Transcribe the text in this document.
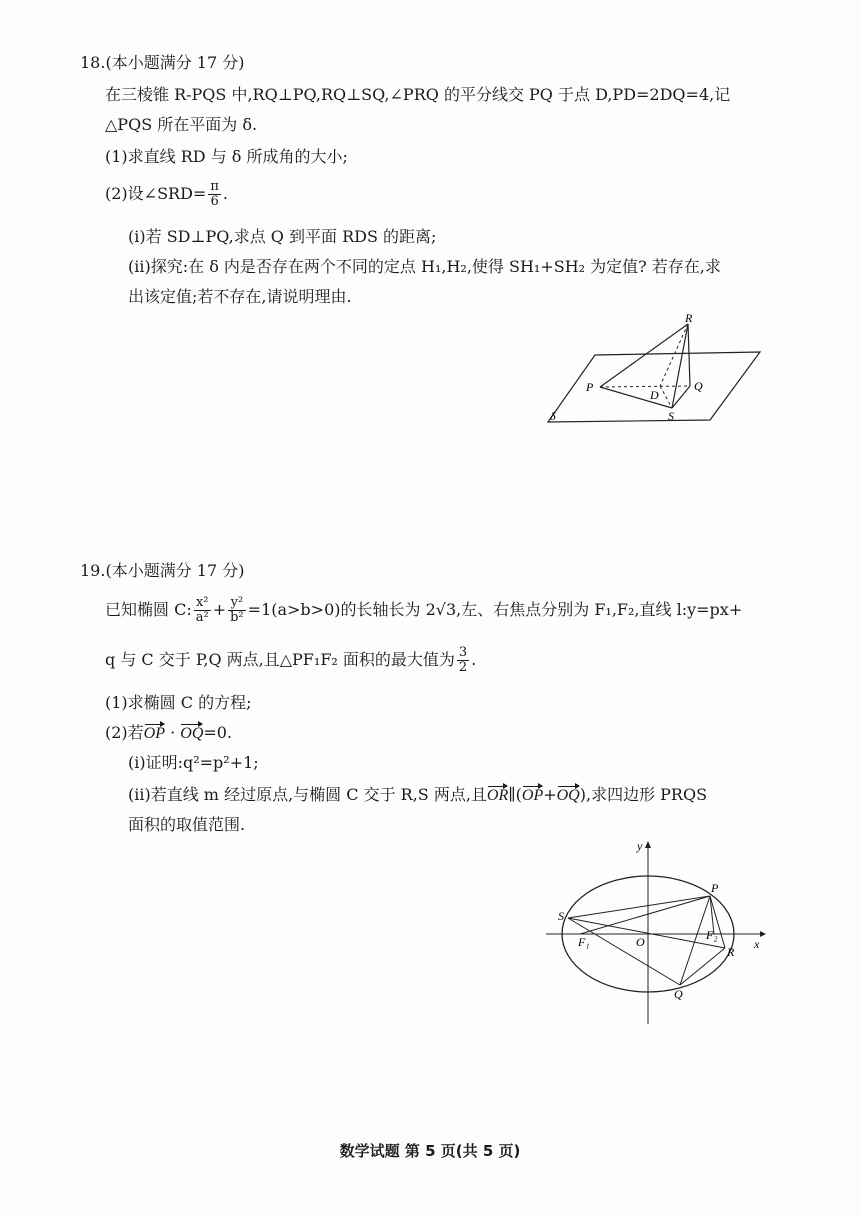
18.(本小题满分 17 分)
在三棱锥 R-PQS 中,RQ⊥PQ,RQ⊥SQ,∠PRQ 的平分线交 PQ 于点 D,PD=2DQ=4,记
△PQS 所在平面为 δ.
(1)求直线 RD 与 δ 所成角的大小;
(2)设∠SRD= $\frac{\pi}{6}$ .
(ⅰ)若 SD⊥PQ,求点 Q 到平面 RDS 的距离;
(ⅱ)探究:在 δ 内是否存在两个不同的定点 H₁,H₂,使得 SH₁+SH₂ 为定值? 若存在,求
出该定值;若不存在,请说明理由.
R
P	Q
D
S
δ
19.(本小题满分 17 分)
已知椭圆 C: $\frac{\text{x²}}{\text{a²}} + \frac{\text{y²}}{\text{b²}} =1(a>b>0)$的长轴长为 2√3,左、右焦点分别为 F₁,F₂,直线 l:y=px+
q 与 C 交于 P,Q 两点,且△PF₁F₂ 面积的最大值为 $\frac{3}{2}$ .
(1)求椭圆 C 的方程;
(2)若OP · OQ=0.
(ⅰ)证明:q²=p²+1;
(ⅱ)若直线 m 经过原点,与椭圆 C 交于 R,S 两点,且OR∥(OP+OQ),求四边形 PRQS
面积的取值范围.
y
x
O
P
Q
R
S
F₁	F₂
数学试题 第 5 页(共 5 页)
